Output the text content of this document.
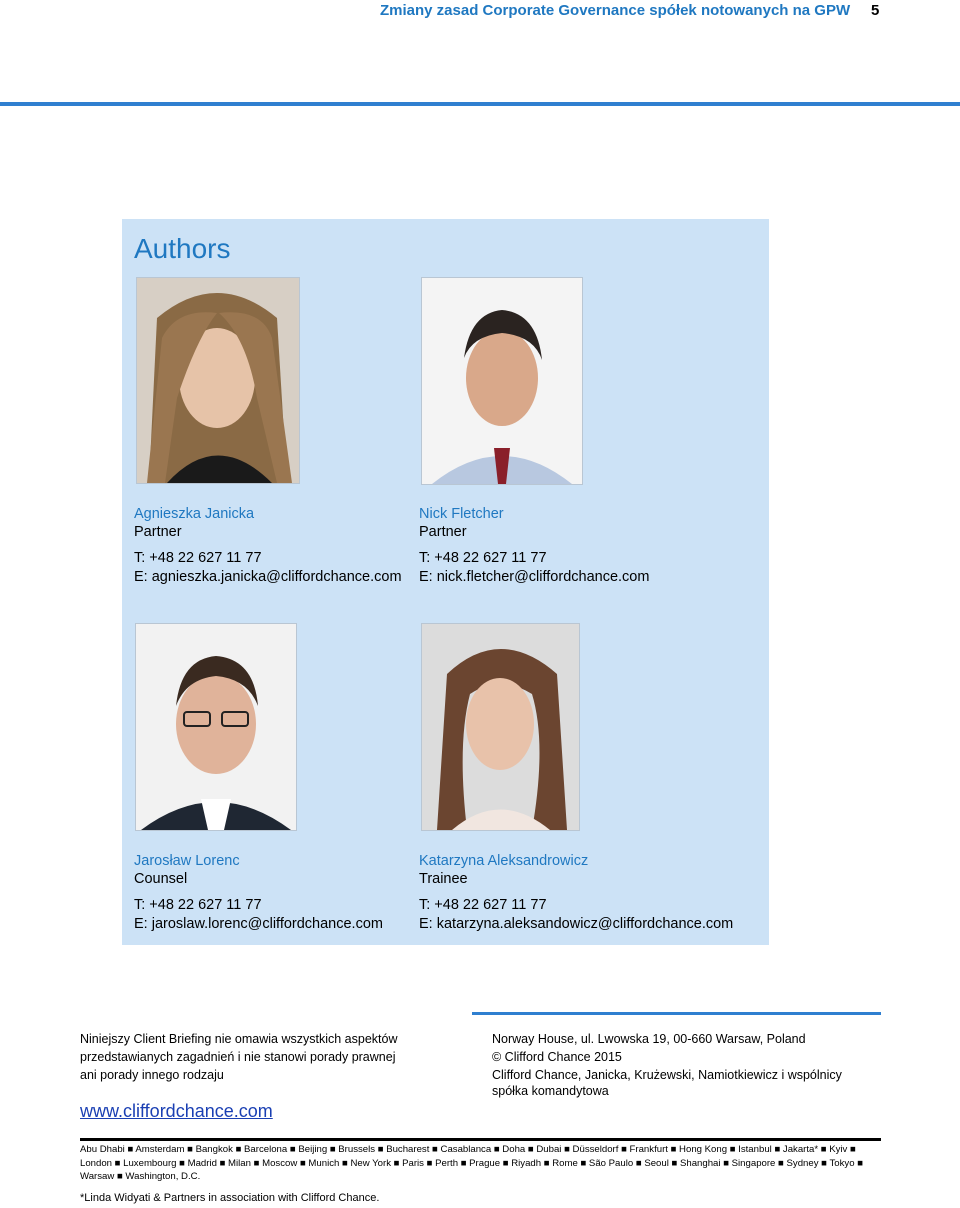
Zmiany zasad Corporate Governance spółek notowanych na GPW 5
Authors
Agnieszka Janicka
Partner
T: +48 22 627 11 77
E: agnieszka.janicka@cliffordchance.com
Nick Fletcher
Partner
T: +48 22 627 11 77
E: nick.fletcher@cliffordchance.com
Jarosław Lorenc
Counsel
T: +48 22 627 11 77
E: jaroslaw.lorenc@cliffordchance.com
Katarzyna Aleksandrowicz
Trainee
T: +48 22 627 11 77
E: katarzyna.aleksandowicz@cliffordchance.com
Niniejszy Client Briefing nie omawia wszystkich aspektów
przedstawianych zagadnień i nie stanowi porady prawnej
ani porady innego rodzaju
www.cliffordchance.com
Norway House, ul. Lwowska 19, 00-660 Warsaw, Poland
© Clifford Chance 2015
Clifford Chance, Janicka, Krużewski, Namiotkiewicz i wspólnicy
spółka komandytowa
Abu Dhabi ■ Amsterdam ■ Bangkok ■ Barcelona ■ Beijing ■ Brussels ■ Bucharest ■ Casablanca ■ Doha ■ Dubai ■ Düsseldorf ■ Frankfurt ■ Hong Kong ■ Istanbul ■ Jakarta* ■ Kyiv ■ London ■ Luxembourg ■ Madrid ■ Milan ■ Moscow ■ Munich ■ New York ■ Paris ■ Perth ■ Prague ■ Riyadh ■ Rome ■ São Paulo ■ Seoul ■ Shanghai ■ Singapore ■ Sydney ■ Tokyo ■ Warsaw ■ Washington, D.C.
*Linda Widyati & Partners in association with Clifford Chance.
